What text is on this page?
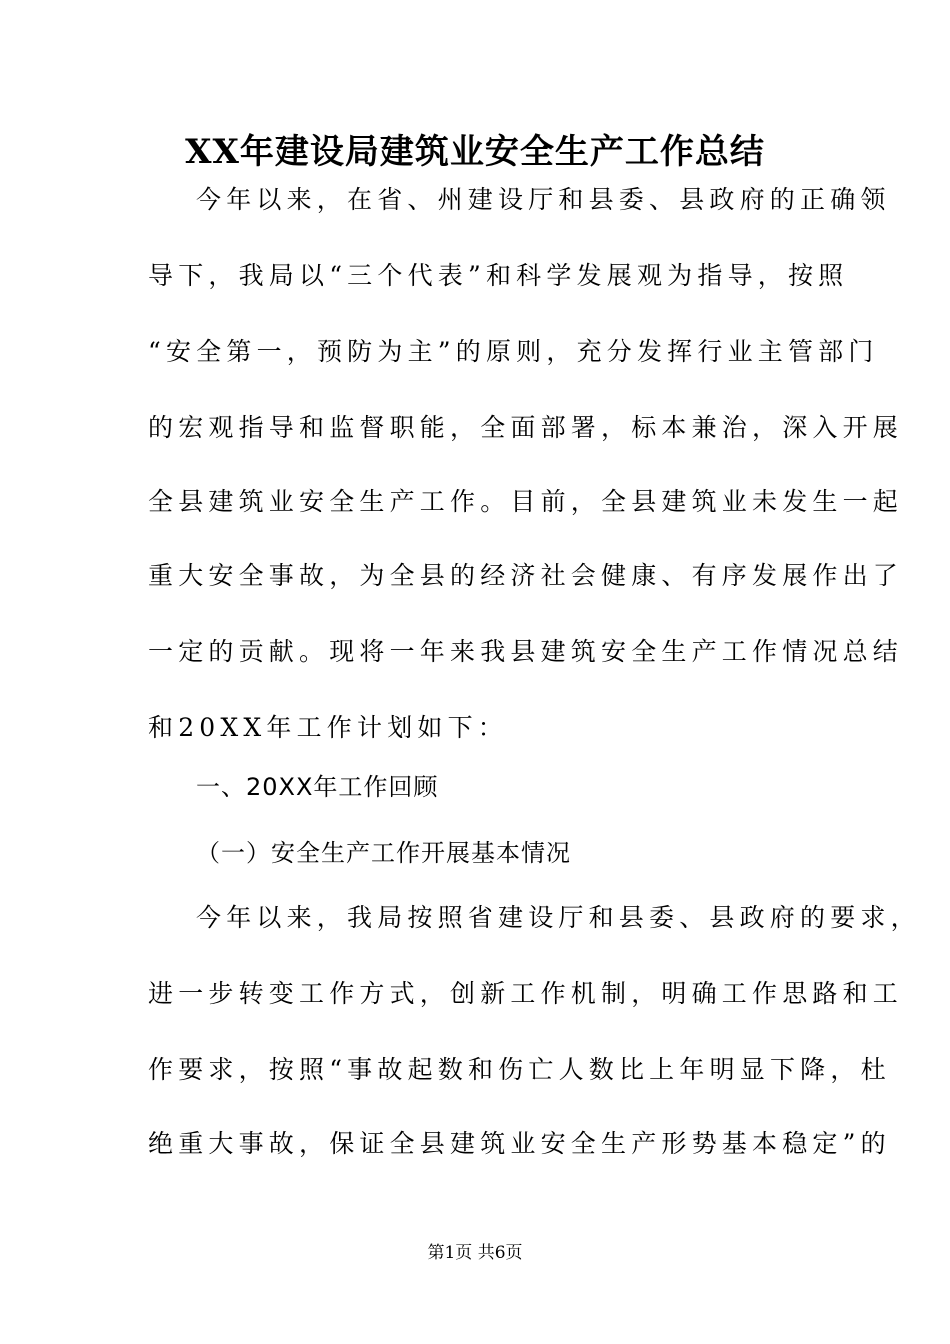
XX年建设局建筑业安全生产工作总结
今年以来，在省、州建设厅和县委、县政府的正确领
导下，我局以“三个代表”和科学发展观为指导，按照
“安全第一，预防为主”的原则，充分发挥行业主管部门
的宏观指导和监督职能，全面部署，标本兼治，深入开展
全县建筑业安全生产工作。目前，全县建筑业未发生一起
重大安全事故，为全县的经济社会健康、有序发展作出了
一定的贡献。现将一年来我县建筑安全生产工作情况总结
和20XX年工作计划如下：
一、20XX年工作回顾
（一）安全生产工作开展基本情况
今年以来，我局按照省建设厅和县委、县政府的要求，
进一步转变工作方式，创新工作机制，明确工作思路和工
作要求，按照“事故起数和伤亡人数比上年明显下降，杜
绝重大事故，保证全县建筑业安全生产形势基本稳定”的
第1页 共6页
